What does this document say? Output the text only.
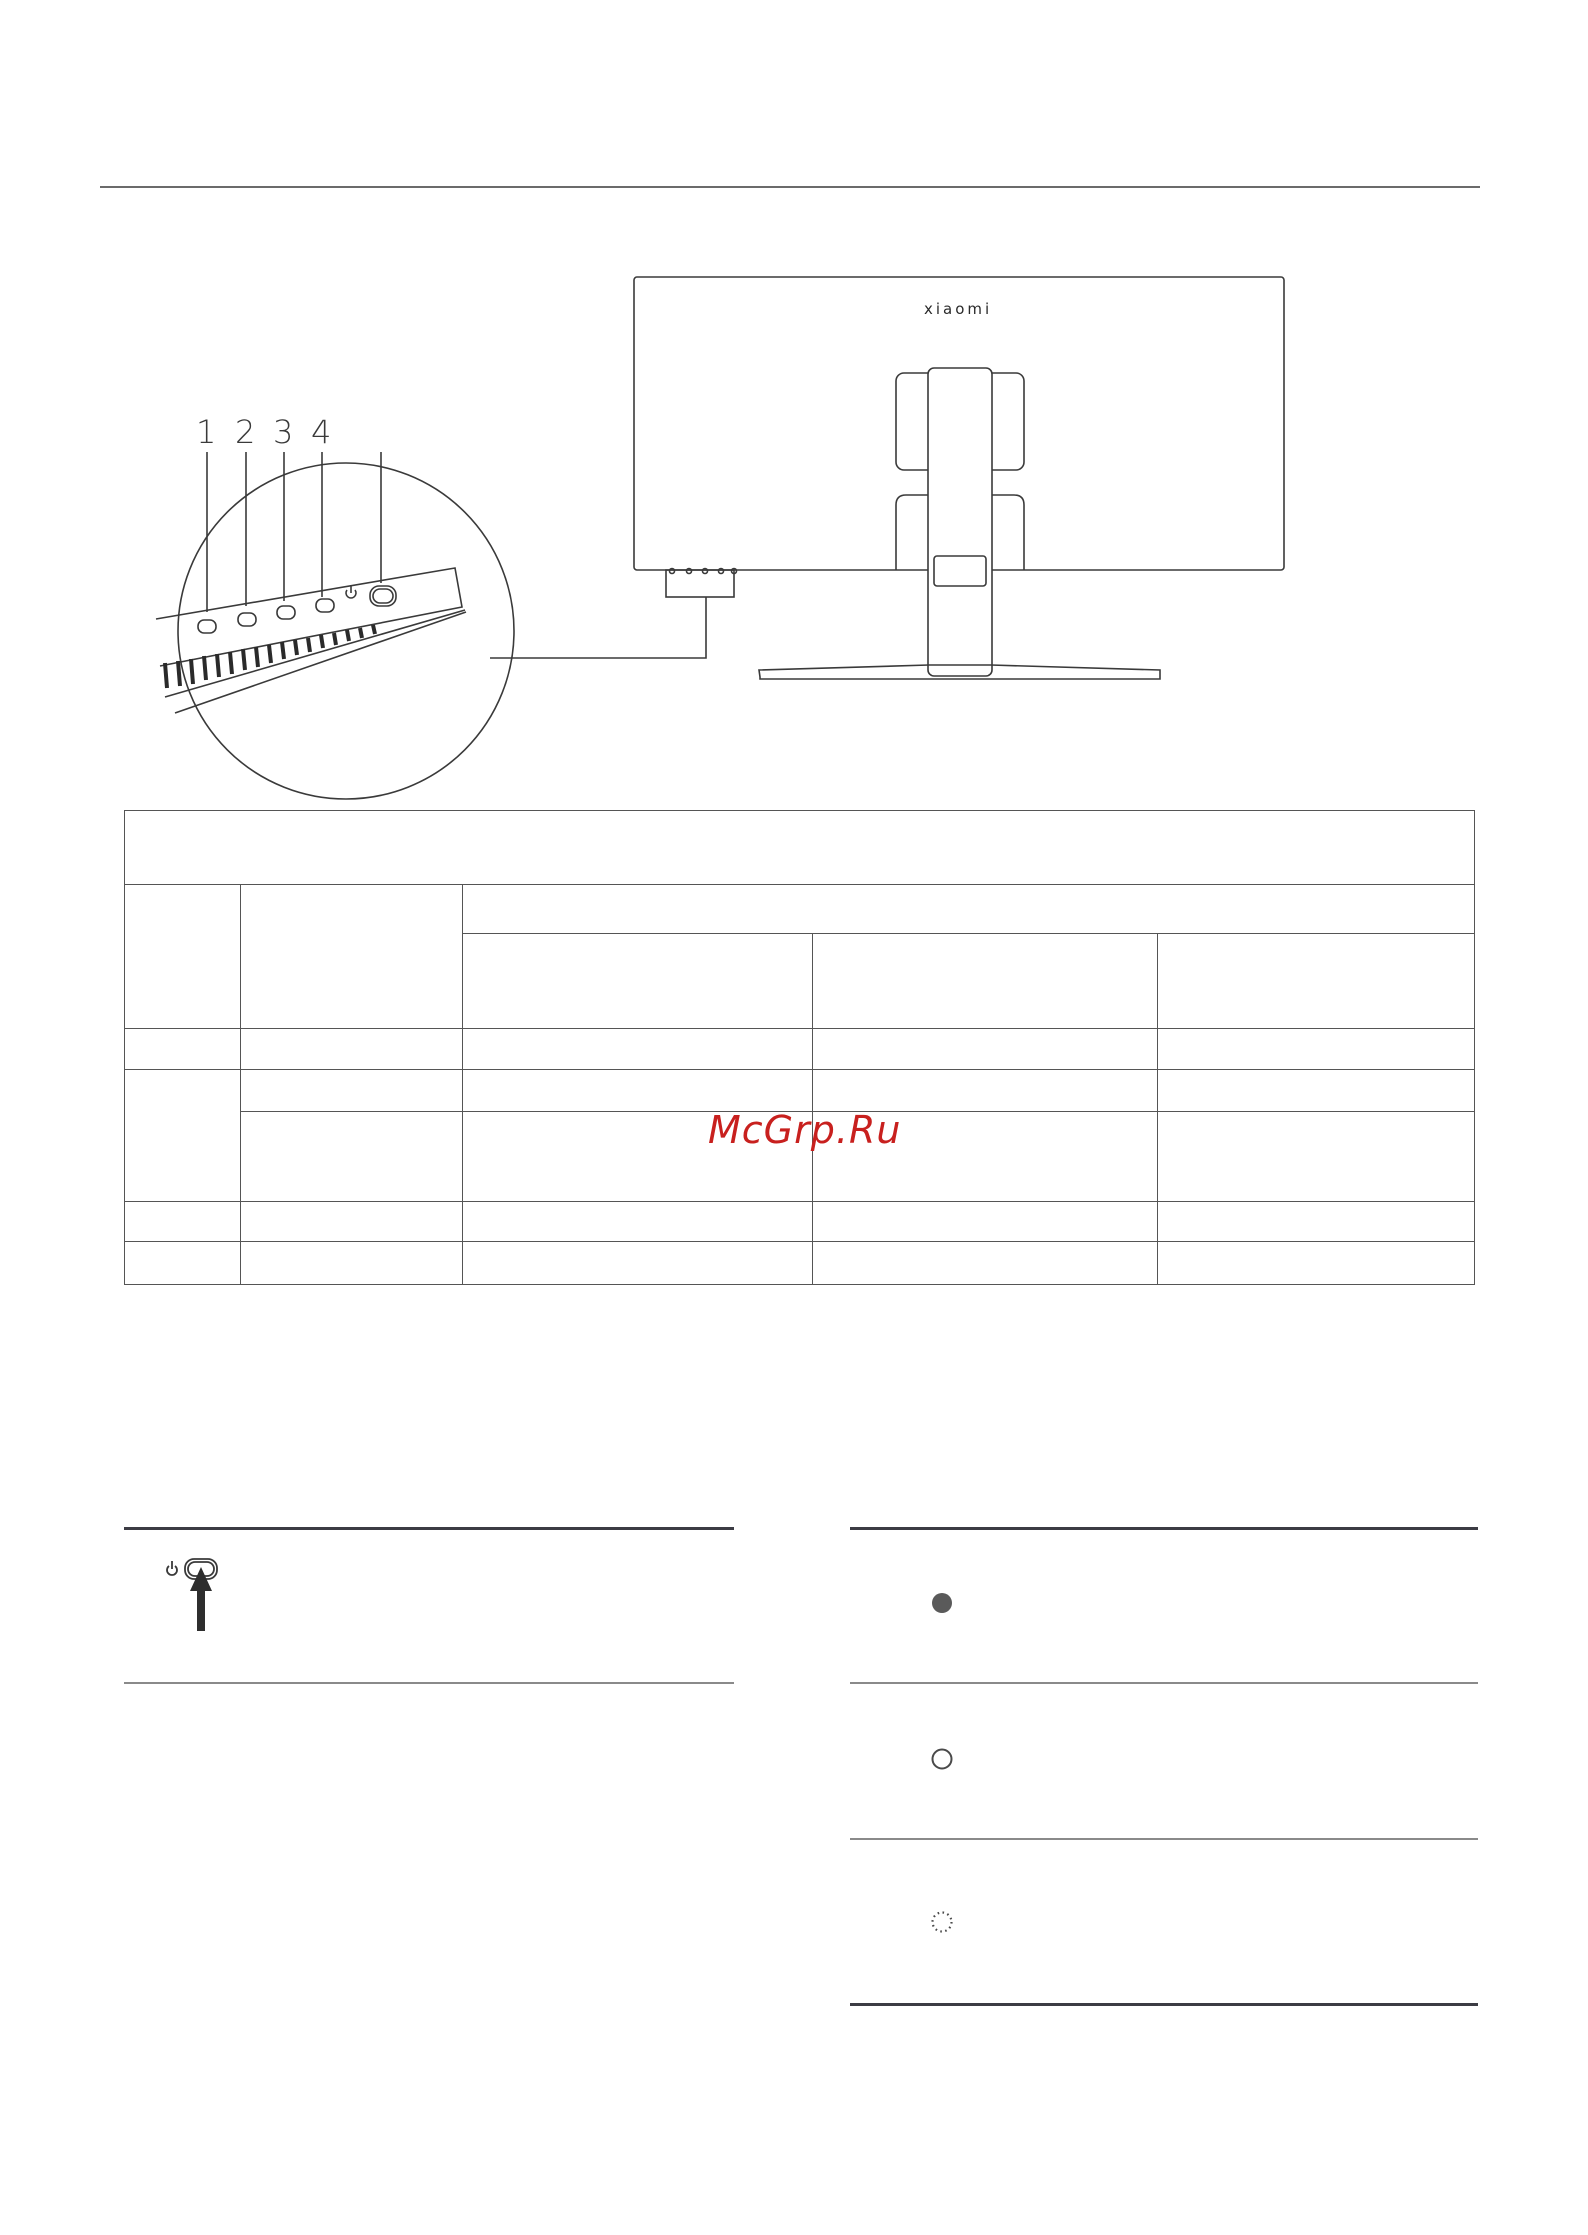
xiaomi
1 2 3 4

McGrp.Ru
